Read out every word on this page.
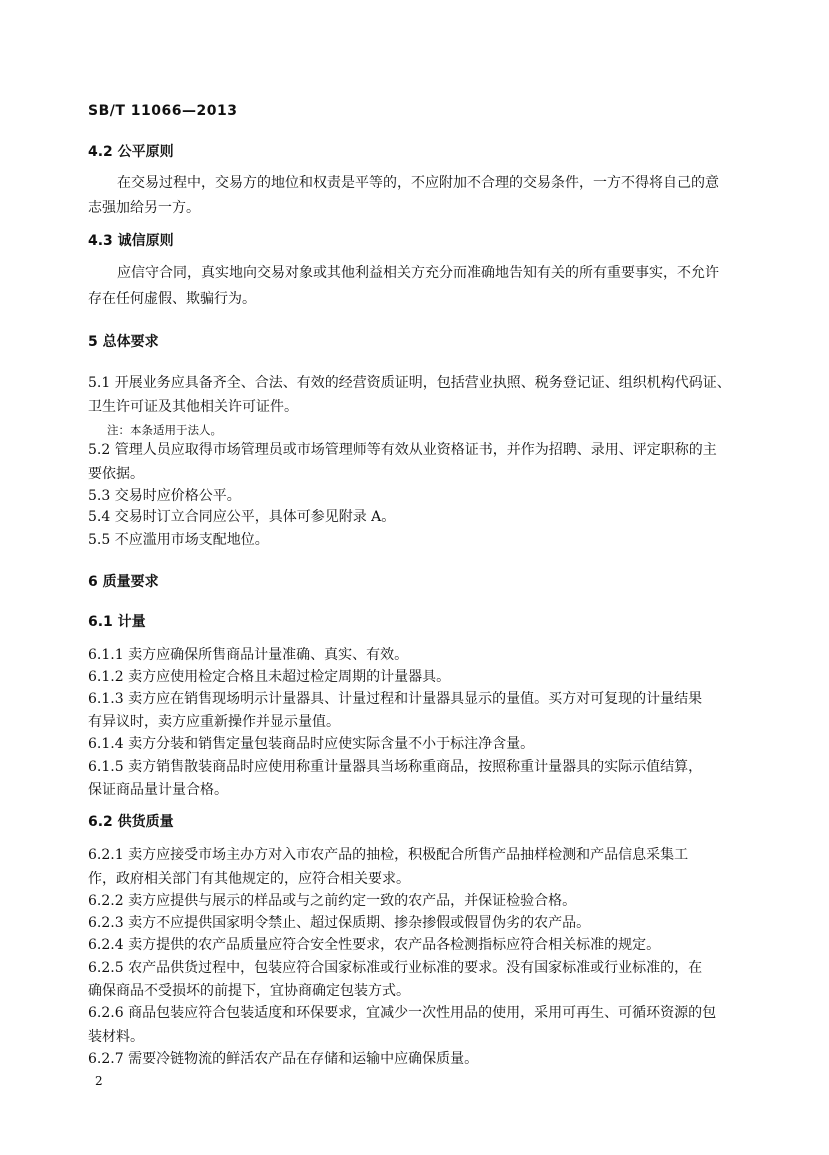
SB/T 11066—2013
4.2 公平原则
在交易过程中，交易方的地位和权责是平等的，不应附加不合理的交易条件，一方不得将自己的意
志强加给另一方。
4.3 诚信原则
应信守合同，真实地向交易对象或其他利益相关方充分而准确地告知有关的所有重要事实，不允许
存在任何虚假、欺骗行为。
5 总体要求
5.1 开展业务应具备齐全、合法、有效的经营资质证明，包括营业执照、税务登记证、组织机构代码证、
卫生许可证及其他相关许可证件。
注：本条适用于法人。
5.2 管理人员应取得市场管理员或市场管理师等有效从业资格证书，并作为招聘、录用、评定职称的主
要依据。
5.3 交易时应价格公平。
5.4 交易时订立合同应公平，具体可参见附录 A。
5.5 不应滥用市场支配地位。
6 质量要求
6.1 计量
6.1.1 卖方应确保所售商品计量准确、真实、有效。
6.1.2 卖方应使用检定合格且未超过检定周期的计量器具。
6.1.3 卖方应在销售现场明示计量器具、计量过程和计量器具显示的量值。买方对可复现的计量结果
有异议时，卖方应重新操作并显示量值。
6.1.4 卖方分装和销售定量包装商品时应使实际含量不小于标注净含量。
6.1.5 卖方销售散装商品时应使用称重计量器具当场称重商品，按照称重计量器具的实际示值结算，
保证商品量计量合格。
6.2 供货质量
6.2.1 卖方应接受市场主办方对入市农产品的抽检，积极配合所售产品抽样检测和产品信息采集工
作，政府相关部门有其他规定的，应符合相关要求。
6.2.2 卖方应提供与展示的样品或与之前约定一致的农产品，并保证检验合格。
6.2.3 卖方不应提供国家明令禁止、超过保质期、掺杂掺假或假冒伪劣的农产品。
6.2.4 卖方提供的农产品质量应符合安全性要求，农产品各检测指标应符合相关标准的规定。
6.2.5 农产品供货过程中，包装应符合国家标准或行业标准的要求。没有国家标准或行业标准的，在
确保商品不受损坏的前提下，宜协商确定包装方式。
6.2.6 商品包装应符合包装适度和环保要求，宜减少一次性用品的使用，采用可再生、可循环资源的包
装材料。
6.2.7 需要冷链物流的鲜活农产品在存储和运输中应确保质量。
2
